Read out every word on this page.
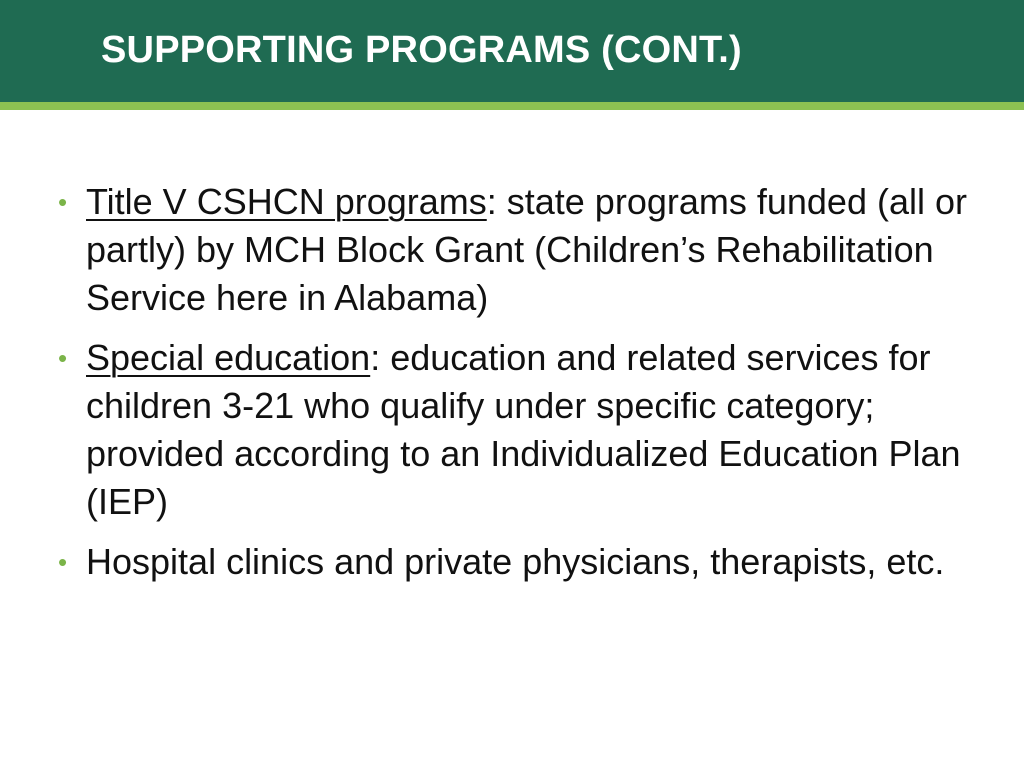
SUPPORTING PROGRAMS (CONT.)
• Title V CSHCN programs: state programs funded (all or partly) by MCH Block Grant (Children’s Rehabilitation Service here in Alabama)
• Special education: education and related services for children 3-21 who qualify under specific category; provided according to an Individualized Education Plan (IEP)
• Hospital clinics and private physicians, therapists, etc.
